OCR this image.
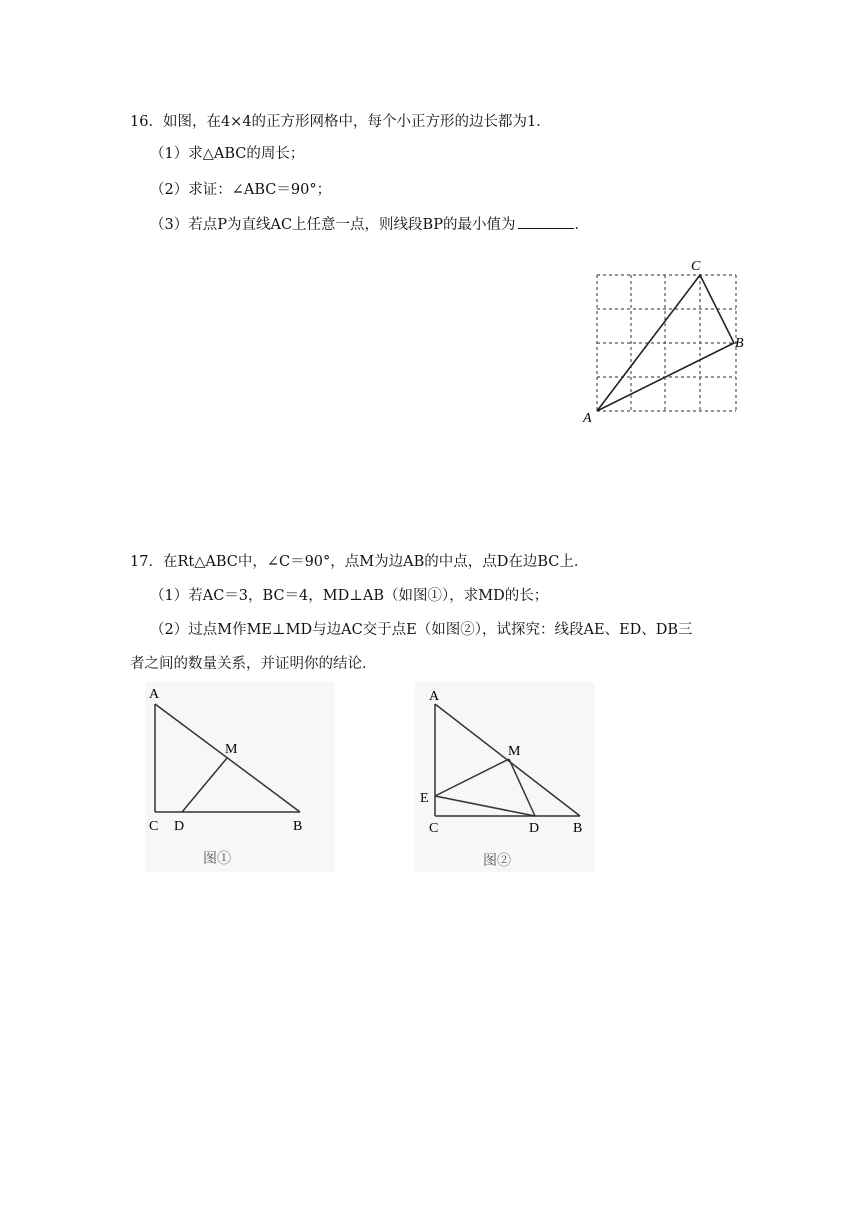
16．如图，在4×4的正方形网格中，每个小正方形的边长都为1．
（1）求△ABC的周长；
（2）求证：∠ABC＝90°；
（3）若点P为直线AC上任意一点，则线段BP的最小值为	．
C
B
A
17．在Rt△ABC中，∠C＝90°，点M为边AB的中点，点D在边BC上．
（1）若AC＝3，BC＝4，MD⊥AB（如图①），求MD的长；
（2）过点M作ME⊥MD与边AC交于点E（如图②），试探究：线段AE、ED、DB三
者之间的数量关系，并证明你的结论．
A
M
C D	B
图①
A
M
E
C	D B
图②
